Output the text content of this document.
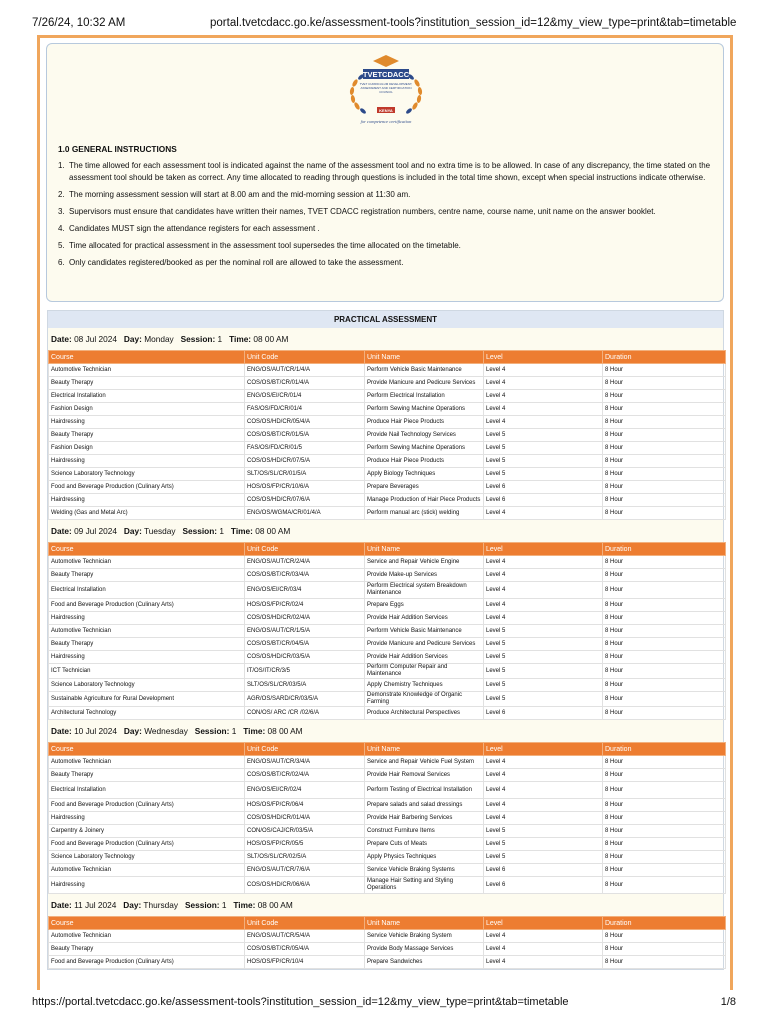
7/26/24, 10:32 AM	portal.tvetcdacc.go.ke/assessment-tools?institution_session_id=12&my_view_type=print&tab=timetable
TVETCDACC
TVET CURRICULUM DEVELOPMENT,
ASSESSMENT AND CERTIFICATION
COUNCIL
KENYA
for competence certification
1.0 GENERAL INSTRUCTIONS
1. The time allowed for each assessment tool is indicated against the name of the assessment tool and no extra time is to be allowed. In case of any discrepancy, the time stated on the assessment tool should be taken as correct. Any time allocated to reading through questions is included in the total time shown, except when special instructions indicate otherwise.
2. The morning assessment session will start at 8.00 am and the mid-morning session at 11:30 am.
3. Supervisors must ensure that candidates have written their names, TVET CDACC registration numbers, centre name, course name, unit name on the answer booklet.
4. Candidates MUST sign the attendance registers for each assessment .
5. Time allocated for practical assessment in the assessment tool supersedes the time allocated on the timetable.
6. Only candidates registered/booked as per the nominal roll are allowed to take the assessment.
PRACTICAL ASSESSMENT
Date: 08 Jul 2024 Day: Monday Session: 1 Time: 08 00 AM
Course	Unit Code	Unit Name	Level	Duration
Automotive Technician	ENG/OS/AUT/CR/1/4/A	Perform Vehicle Basic Maintenance	Level 4	8 Hour
Beauty Therapy	COS/OS/BT/CR/01/4/A	Provide Manicure and Pedicure Services	Level 4	8 Hour
Electrical Installation	ENG/OS/EI/CR/01/4	Perform Electrical Installation	Level 4	8 Hour
Fashion Design	FAS/OS/FD/CR/01/4	Perform Sewing Machine Operations	Level 4	8 Hour
Hairdressing	COS/OS/HD/CR/05/4/A	Produce Hair Piece Products	Level 4	8 Hour
Beauty Therapy	COS/OS/BT/CR/01/5/A	Provide Nail Technology Services	Level 5	8 Hour
Fashion Design	FAS/OS/FD/CR/01/5	Perform Sewing Machine Operations	Level 5	8 Hour
Hairdressing	COS/OS/HD/CR/07/5/A	Produce Hair Piece Products	Level 5	8 Hour
Science Laboratory Technology	SLT/OS/SL/CR/01/5/A	Apply Biology Techniques	Level 5	8 Hour
Food and Beverage Production (Culinary Arts)	HOS/OS/FP/CR/10/6/A	Prepare Beverages	Level 6	8 Hour
Hairdressing	COS/OS/HD/CR/07/6/A	Manage Production of Hair Piece Products	Level 6	8 Hour
Welding (Gas and Metal Arc)	ENG/OS/WGMA/CR/01/4/A	Perform manual arc (stick) welding	Level 4	8 Hour
Date: 09 Jul 2024 Day: Tuesday Session: 1 Time: 08 00 AM
Course	Unit Code	Unit Name	Level	Duration
Automotive Technician	ENG/OS/AUT/CR/2/4/A	Service and Repair Vehicle Engine	Level 4	8 Hour
Beauty Therapy	COS/OS/BT/CR/03/4/A	Provide Make-up Services	Level 4	8 Hour
Electrical Installation	ENG/OS/EI/CR/03/4	Perform Electrical system Breakdown Maintenance	Level 4	8 Hour
Food and Beverage Production (Culinary Arts)	HOS/OS/FP/CR/02/4	Prepare Eggs	Level 4	8 Hour
Hairdressing	COS/OS/HD/CR/02/4/A	Provide Hair Addition Services	Level 4	8 Hour
Automotive Technician	ENG/OS/AUT/CR/1/5/A	Perform Vehicle Basic Maintenance	Level 5	8 Hour
Beauty Therapy	COS/OS/BT/CR/04/5/A	Provide Manicure and Pedicure Services	Level 5	8 Hour
Hairdressing	COS/OS/HD/CR/03/5/A	Provide Hair Addition Services	Level 5	8 Hour
ICT Technician	IT/OS/IT/CR/3/5	Perform Computer Repair and Maintenance	Level 5	8 Hour
Science Laboratory Technology	SLT/OS/SL/CR/03/5/A	Apply Chemistry Techniques	Level 5	8 Hour
Sustainable Agriculture for Rural Development	AGR/OS/SARD/CR/03/5/A	Demonstrate Knowledge of Organic Farming	Level 5	8 Hour
Architectural Technology	CON/OS/ ARC /CR /02/6/A	Produce Architectural Perspectives	Level 6	8 Hour
Date: 10 Jul 2024 Day: Wednesday Session: 1 Time: 08 00 AM
Course	Unit Code	Unit Name	Level	Duration
Automotive Technician	ENG/OS/AUT/CR/3/4/A	Service and Repair Vehicle Fuel System	Level 4	8 Hour
Beauty Therapy	COS/OS/BT/CR/02/4/A	Provide Hair Removal Services	Level 4	8 Hour
Electrical Installation	ENG/OS/EI/CR/02/4	Perform Testing of Electrical Installation	Level 4	8 Hour
Food and Beverage Production (Culinary Arts)	HOS/OS/FP/CR/06/4	Prepare salads and salad dressings	Level 4	8 Hour
Hairdressing	COS/OS/HD/CR/01/4/A	Provide Hair Barbering Services	Level 4	8 Hour
Carpentry & Joinery	CON/OS/CAJ/CR/03/5/A	Construct Furniture Items	Level 5	8 Hour
Food and Beverage Production (Culinary Arts)	HOS/OS/FP/CR/05/5	Prepare Cuts of Meats	Level 5	8 Hour
Science Laboratory Technology	SLT/OS/SL/CR/02/5/A	Apply Physics Techniques	Level 5	8 Hour
Automotive Technician	ENG/OS/AUT/CR/7/6/A	Service Vehicle Braking Systems	Level 6	8 Hour
Hairdressing	COS/OS/HD/CR/06/6/A	Manage Hair Setting and Styling Operations	Level 6	8 Hour
Date: 11 Jul 2024 Day: Thursday Session: 1 Time: 08 00 AM
Course	Unit Code	Unit Name	Level	Duration
Automotive Technician	ENG/OS/AUT/CR/5/4/A	Service Vehicle Braking System	Level 4	8 Hour
Beauty Therapy	COS/OS/BT/CR/05/4/A	Provide Body Massage Services	Level 4	8 Hour
Food and Beverage Production (Culinary Arts)	HOS/OS/FP/CR/10/4	Prepare Sandwiches	Level 4	8 Hour
https://portal.tvetcdacc.go.ke/assessment-tools?institution_session_id=12&my_view_type=print&tab=timetable	1/8
